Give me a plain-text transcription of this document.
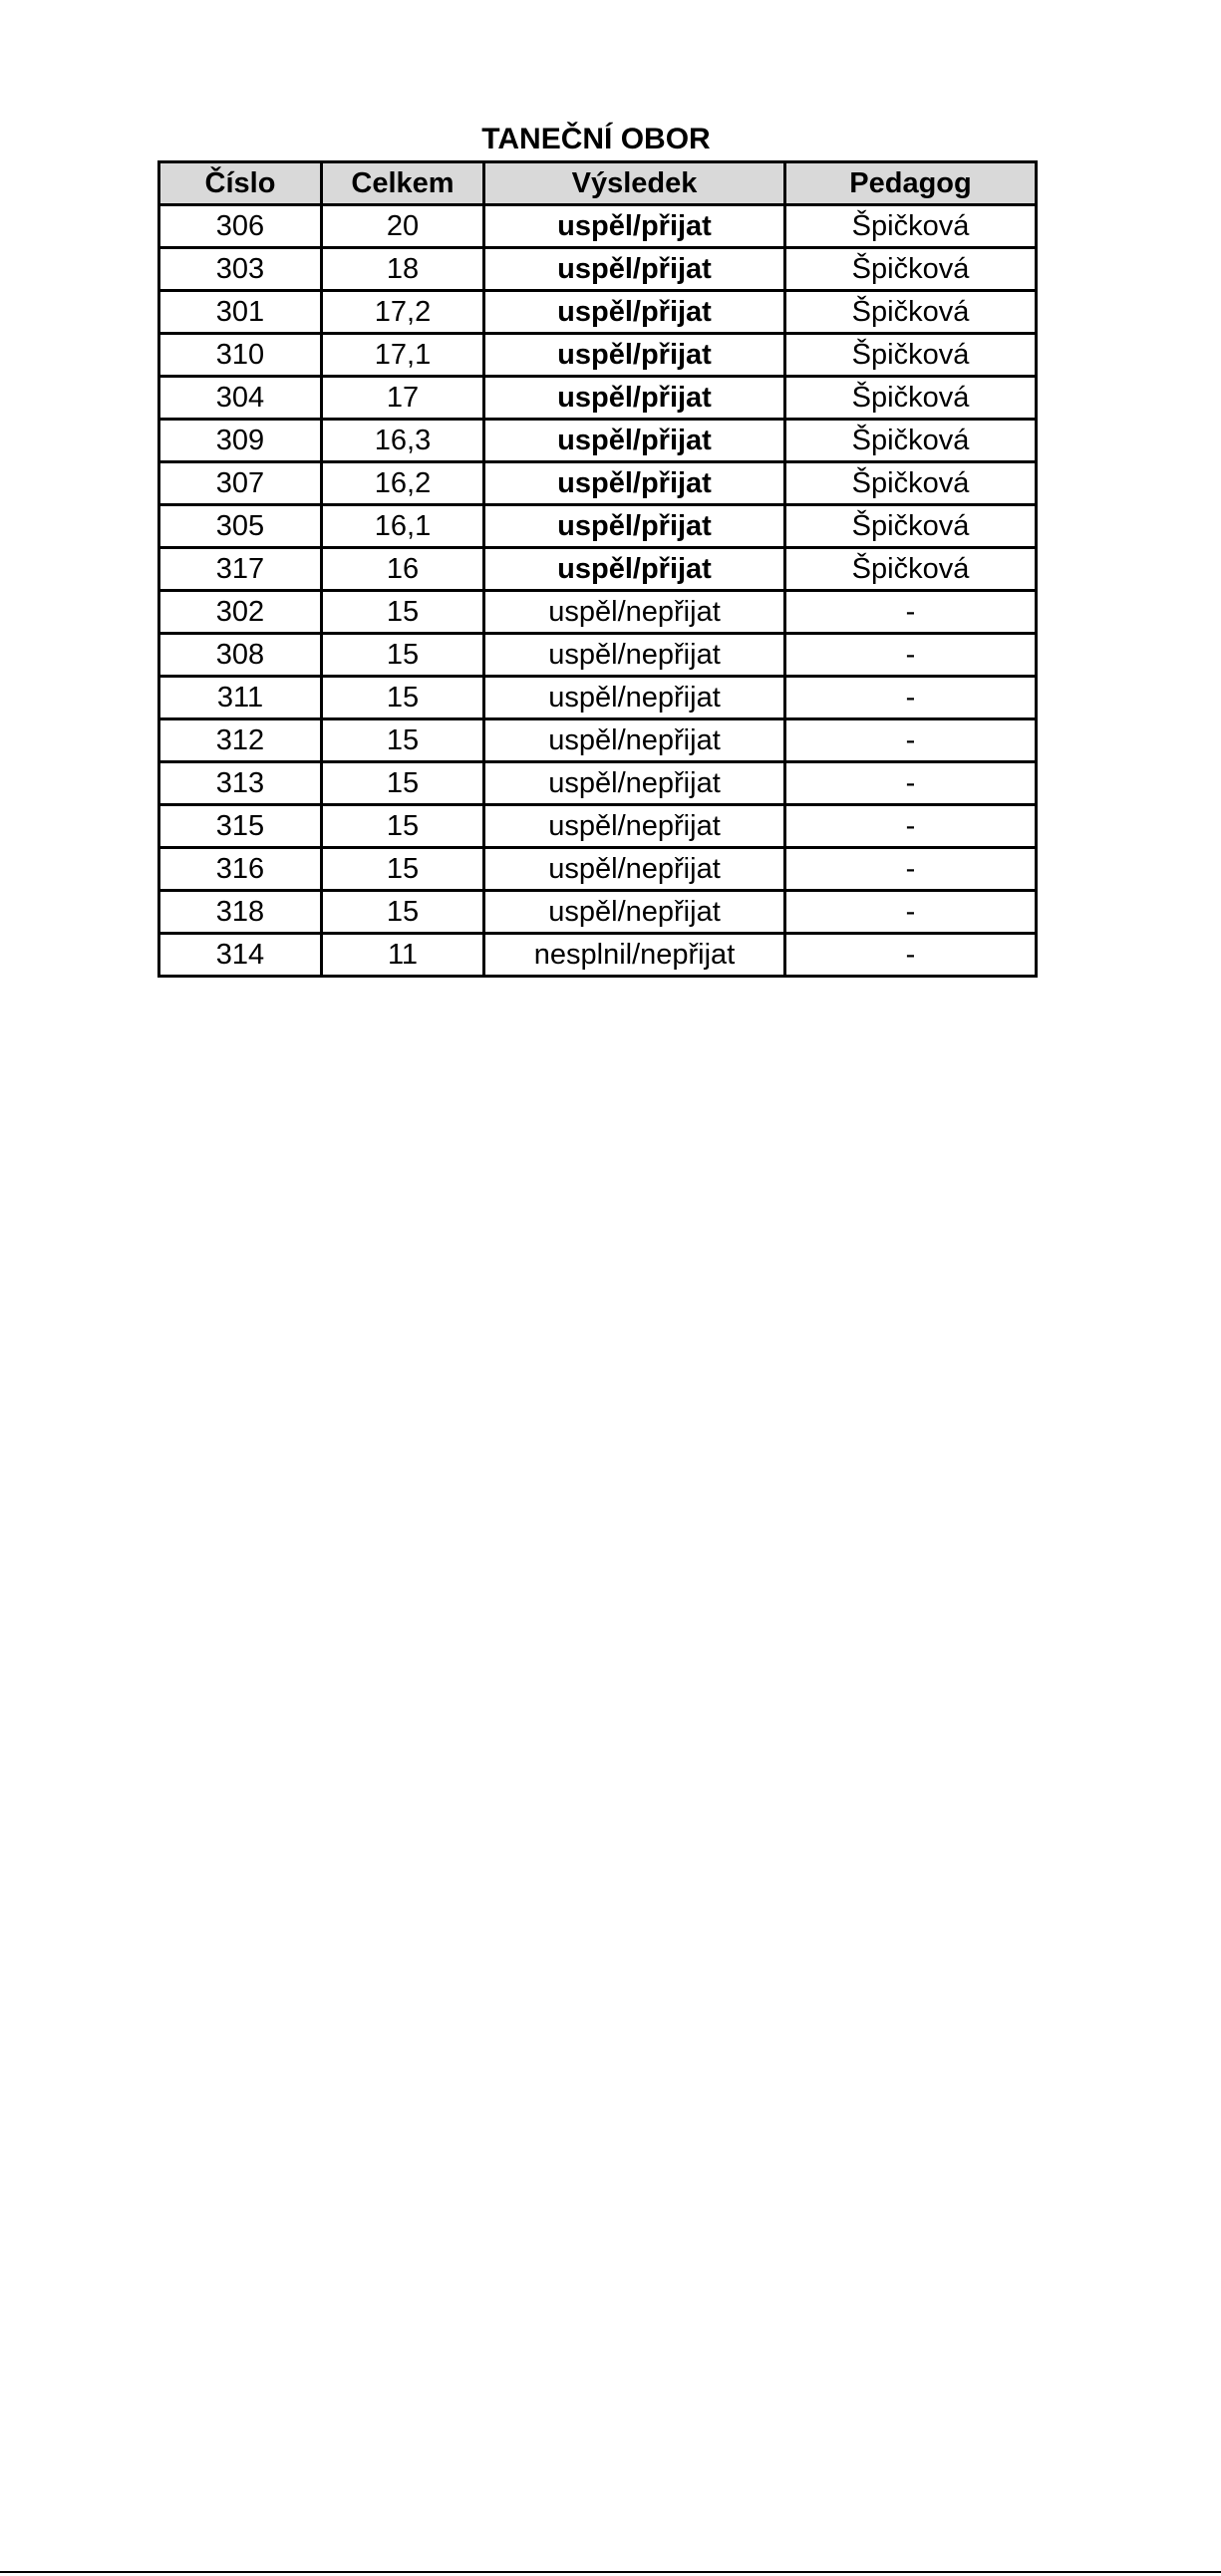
TANEČNÍ OBOR
Číslo	Celkem	Výsledek	Pedagog
306	20	uspěl/přijat	Špičková
303	18	uspěl/přijat	Špičková
301	17,2	uspěl/přijat	Špičková
310	17,1	uspěl/přijat	Špičková
304	17	uspěl/přijat	Špičková
309	16,3	uspěl/přijat	Špičková
307	16,2	uspěl/přijat	Špičková
305	16,1	uspěl/přijat	Špičková
317	16	uspěl/přijat	Špičková
302	15	uspěl/nepřijat	-
308	15	uspěl/nepřijat	-
311	15	uspěl/nepřijat	-
312	15	uspěl/nepřijat	-
313	15	uspěl/nepřijat	-
315	15	uspěl/nepřijat	-
316	15	uspěl/nepřijat	-
318	15	uspěl/nepřijat	-
314	11	nesplnil/nepřijat	-
